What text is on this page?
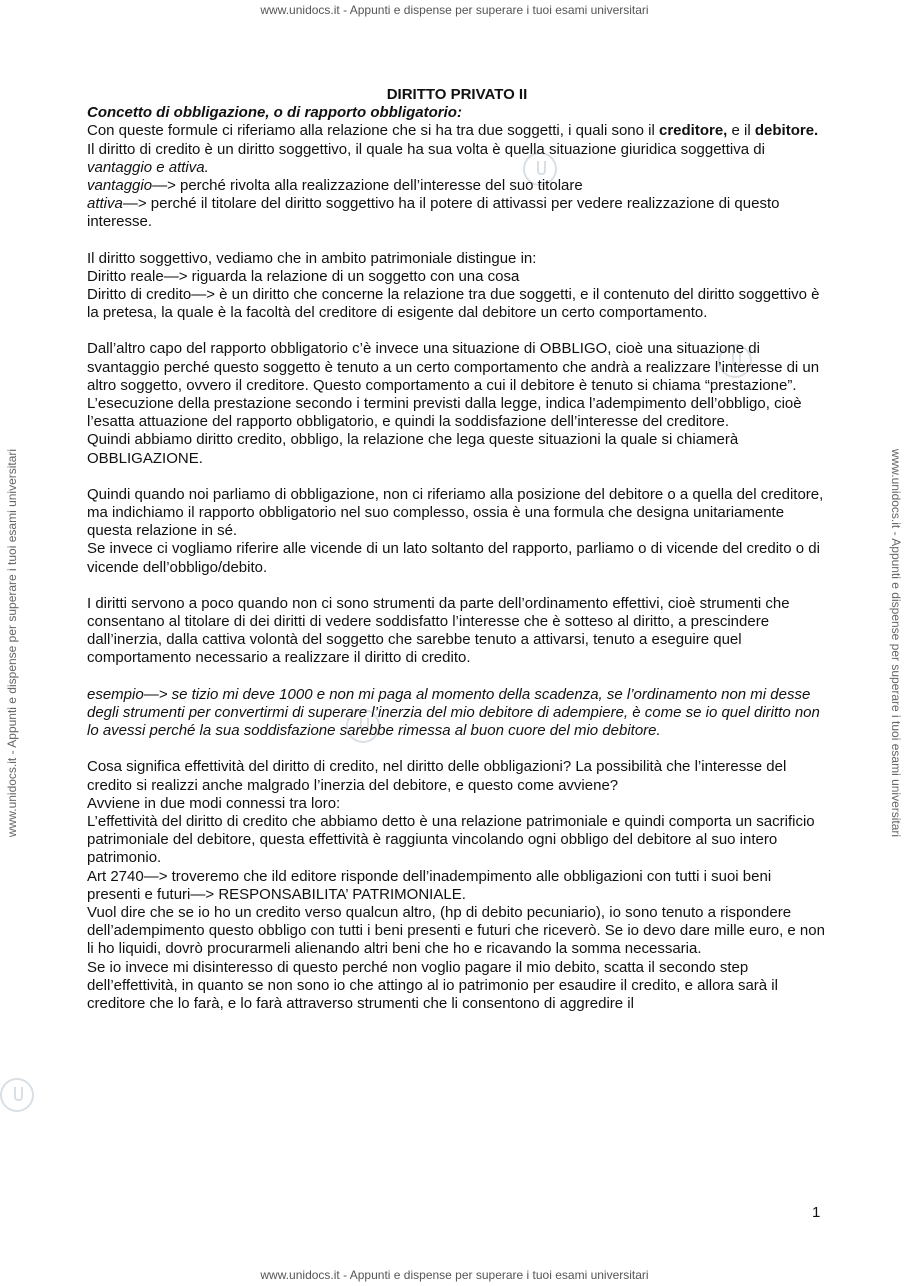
www.unidocs.it - Appunti e dispense per superare i tuoi esami universitari
www.unidocs.it - Appunti e dispense per superare i tuoi esami universitari
www.unidocs.it - Appunti e dispense per superare i tuoi esami universitari	www.unidocs.it - Appunti e dispense per superare i tuoi esami universitari

DIRITTO PRIVATO II

Concetto di obbligazione, o di rapporto obbligatorio:

Con queste formule ci riferiamo alla relazione che si ha tra due soggetti, i quali sono il creditore, e il debitore.

Il diritto di credito è un diritto soggettivo, il quale ha sua volta è quella situazione giuridica soggettiva di vantaggio e attiva.

vantaggio—> perché rivolta alla realizzazione dell’interesse del suo titolare

attiva—> perché il titolare del diritto soggettivo ha il potere di attivassi per vedere realizzazione di questo interesse.

Il diritto soggettivo, vediamo che in ambito patrimoniale distingue in:

Diritto reale—> riguarda la relazione di un soggetto con una cosa

Diritto di credito—> è un diritto che concerne la relazione tra due soggetti, e il contenuto del diritto soggettivo è la pretesa, la quale è la facoltà del creditore di esigente dal debitore un certo comportamento.

Dall’altro capo del rapporto obbligatorio c’è invece una situazione di OBBLIGO, cioè una situazione di svantaggio perché questo soggetto è tenuto a un certo comportamento che andrà a realizzare l’interesse di un altro soggetto, ovvero il creditore. Questo comportamento a cui il debitore è tenuto si chiama “prestazione”.

L’esecuzione della prestazione secondo i termini previsti dalla legge, indica l’adempimento dell’obbligo, cioè l’esatta attuazione del rapporto obbligatorio, e quindi la soddisfazione dell’interesse del creditore.

Quindi abbiamo diritto credito, obbligo, la relazione che lega queste situazioni la quale si chiamerà OBBLIGAZIONE.

Quindi quando noi parliamo di obbligazione, non ci riferiamo alla posizione del debitore o a quella del creditore, ma indichiamo il rapporto obbligatorio nel suo complesso, ossia è una formula che designa unitariamente questa relazione in sé.

Se invece ci vogliamo riferire alle vicende di un lato soltanto del rapporto, parliamo o di vicende del credito o di vicende dell’obbligo/debito.

I diritti servono a poco quando non ci sono strumenti da parte dell’ordinamento effettivi, cioè strumenti che consentano al titolare di dei diritti di vedere soddisfatto l’interesse che è sotteso al diritto, a prescindere dall’inerzia, dalla cattiva volontà del soggetto che sarebbe tenuto a attivarsi, tenuto a eseguire quel comportamento necessario a realizzare il diritto di credito.

esempio—> se tizio mi deve 1000 e non mi paga al momento della scadenza, se l’ordinamento non mi desse degli strumenti per convertirmi di superare l’inerzia del mio debitore di adempiere, è come se io quel diritto non lo avessi perché la sua soddisfazione sarebbe rimessa al buon cuore del mio debitore.

Cosa significa effettività del diritto di credito, nel diritto delle obbligazioni? La possibilità che l’interesse del credito si realizzi anche malgrado l’inerzia del debitore, e questo come avviene?

Avviene in due modi connessi tra loro:

L’effettività del diritto di credito che abbiamo detto è una relazione patrimoniale e quindi comporta un sacrificio patrimoniale del debitore, questa effettività è raggiunta vincolando ogni obbligo del debitore al suo intero patrimonio.

Art 2740—> troveremo che ild editore risponde dell’inadempimento alle obbligazioni con tutti i suoi beni presenti e futuri—> RESPONSABILITA’ PATRIMONIALE.

Vuol dire che se io ho un credito verso qualcun altro, (hp di debito pecuniario), io sono tenuto a rispondere dell’adempimento questo obbligo con tutti i beni presenti e futuri che riceverò. Se io devo dare mille euro, e non li ho liquidi, dovrò procurarmeli alienando altri beni che ho e ricavando la somma necessaria.

Se io invece mi disinteresso di questo perché non voglio pagare il mio debito, scatta il secondo step dell’effettività, in quanto se non sono io che attingo al io patrimonio per esaudire il credito, e allora sarà il creditore che lo farà, e lo farà attraverso strumenti che li consentono di aggredire il

1
